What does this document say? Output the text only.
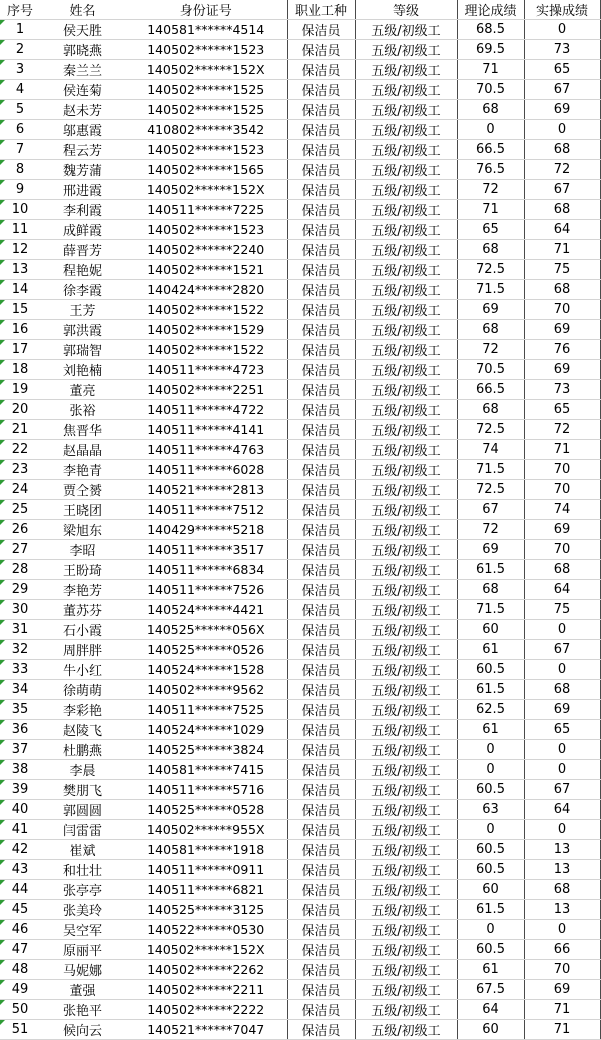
序号	姓名	身份证号	职业工种	等级	理论成绩	实操成绩

1	侯天胜	140581******4514	保洁员	五级/初级工	68.5	0

2	郭晓燕	140502******1523	保洁员	五级/初级工	69.5	73

3	秦兰兰	140502******152X	保洁员	五级/初级工	71	65

4	侯连菊	140502******1525	保洁员	五级/初级工	70.5	67

5	赵未芳	140502******1525	保洁员	五级/初级工	68	69

6	邬惠霞	410802******3542	保洁员	五级/初级工	0	0

7	程云芳	140502******1523	保洁员	五级/初级工	66.5	68

8	魏芳蒲	140502******1565	保洁员	五级/初级工	76.5	72

9	邢进霞	140502******152X	保洁员	五级/初级工	72	67

10	李利霞	140511******7225	保洁员	五级/初级工	71	68

11	成鲜霞	140502******1523	保洁员	五级/初级工	65	64

12	薛晋芳	140502******2240	保洁员	五级/初级工	68	71

13	程艳妮	140502******1521	保洁员	五级/初级工	72.5	75

14	徐李霞	140424******2820	保洁员	五级/初级工	71.5	68

15	王芳	140502******1522	保洁员	五级/初级工	69	70

16	郭洪霞	140502******1529	保洁员	五级/初级工	68	69

17	郭瑞智	140502******1522	保洁员	五级/初级工	72	76

18	刘艳楠	140511******4723	保洁员	五级/初级工	70.5	69

19	董亮	140502******2251	保洁员	五级/初级工	66.5	73

20	张裕	140511******4722	保洁员	五级/初级工	68	65

21	焦晋华	140511******4141	保洁员	五级/初级工	72.5	72

22	赵晶晶	140511******4763	保洁员	五级/初级工	74	71

23	李艳青	140511******6028	保洁员	五级/初级工	71.5	70

24	贾仝赟	140521******2813	保洁员	五级/初级工	72.5	70

25	王晓团	140511******7512	保洁员	五级/初级工	67	74

26	梁旭东	140429******5218	保洁员	五级/初级工	72	69

27	李昭	140511******3517	保洁员	五级/初级工	69	70

28	王盼琦	140511******6834	保洁员	五级/初级工	61.5	68

29	李艳芳	140511******7526	保洁员	五级/初级工	68	64

30	董苏芬	140524******4421	保洁员	五级/初级工	71.5	75

31	石小霞	140525******056X	保洁员	五级/初级工	60	0

32	周胖胖	140525******0526	保洁员	五级/初级工	61	67

33	牛小红	140524******1528	保洁员	五级/初级工	60.5	0

34	徐萌萌	140502******9562	保洁员	五级/初级工	61.5	68

35	李彩艳	140511******7525	保洁员	五级/初级工	62.5	69

36	赵陵飞	140524******1029	保洁员	五级/初级工	61	65

37	杜鹏燕	140525******3824	保洁员	五级/初级工	0	0

38	李晨	140581******7415	保洁员	五级/初级工	0	0

39	樊朋飞	140511******5716	保洁员	五级/初级工	60.5	67

40	郭圆圆	140525******0528	保洁员	五级/初级工	63	64

41	闫雷雷	140502******955X	保洁员	五级/初级工	0	0

42	崔斌	140581******1918	保洁员	五级/初级工	60.5	13

43	和壮壮	140511******0911	保洁员	五级/初级工	60.5	13

44	张亭亭	140511******6821	保洁员	五级/初级工	60	68

45	张美玲	140525******3125	保洁员	五级/初级工	61.5	13

46	吴空军	140522******0530	保洁员	五级/初级工	0	0

47	原丽平	140502******152X	保洁员	五级/初级工	60.5	66

48	马妮娜	140502******2262	保洁员	五级/初级工	61	70

49	董强	140502******2211	保洁员	五级/初级工	67.5	69

50	张艳平	140502******2222	保洁员	五级/初级工	64	71

51	候向云	140521******7047	保洁员	五级/初级工	60	71
